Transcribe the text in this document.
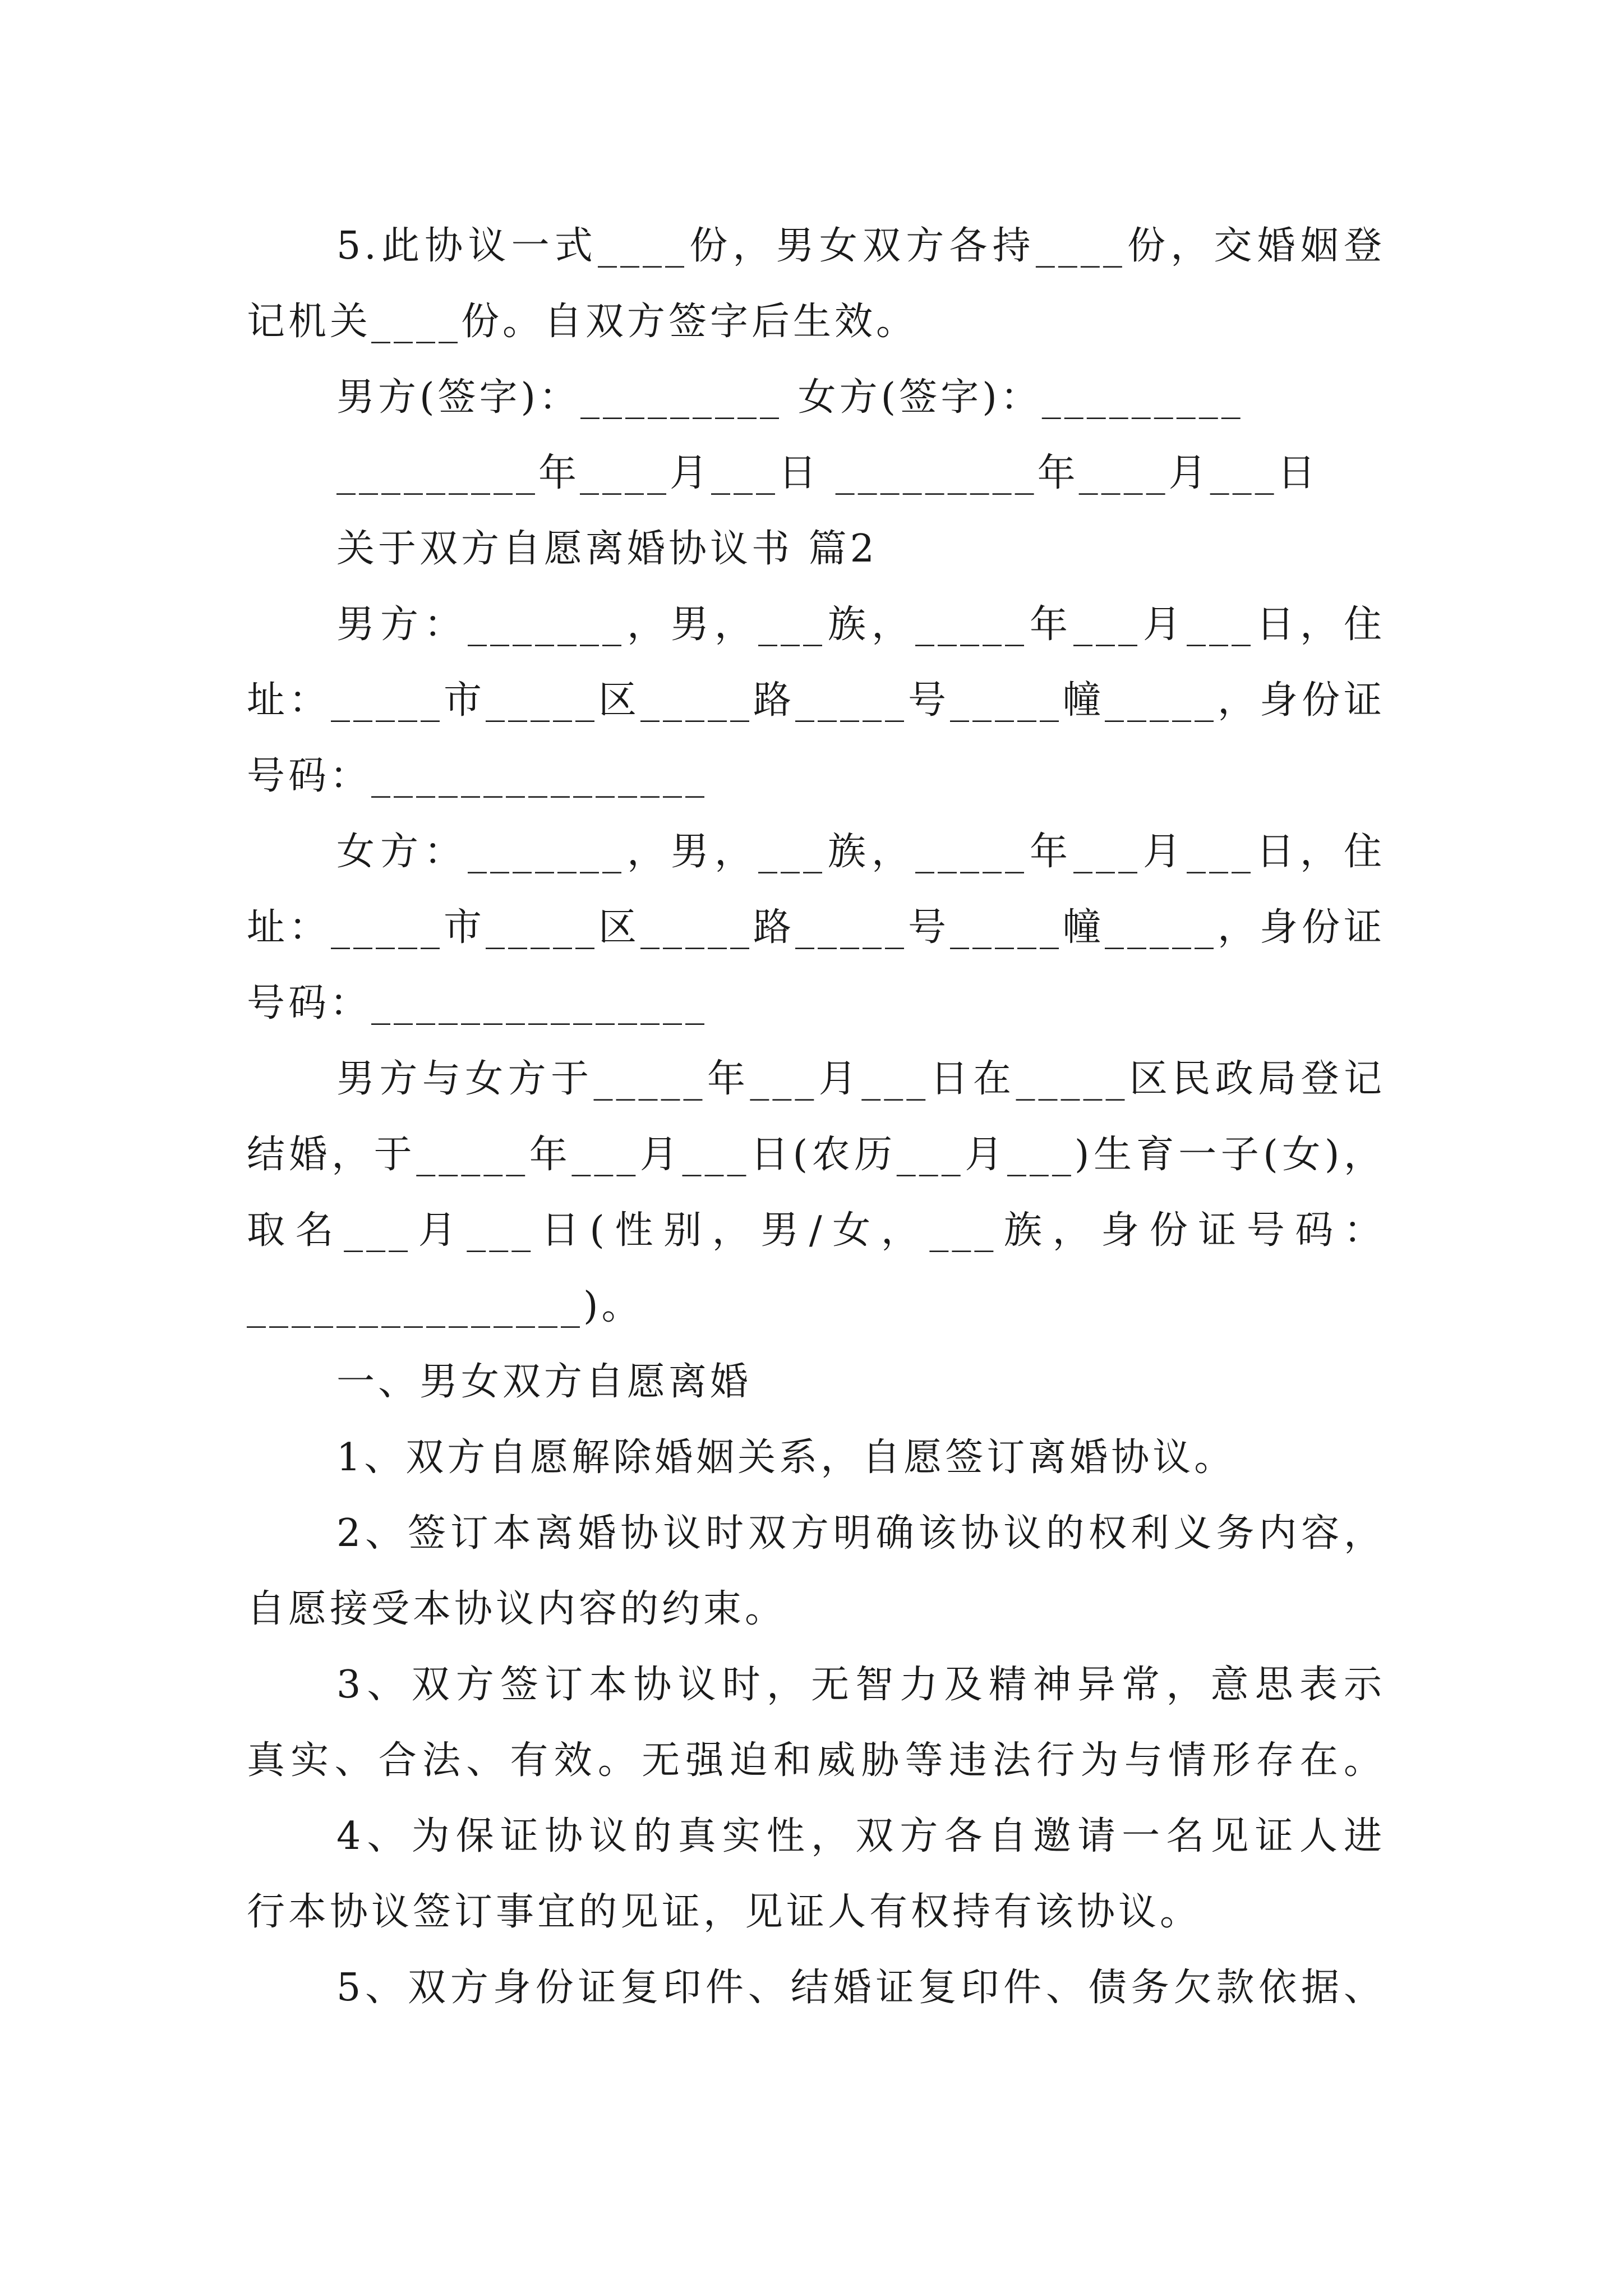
5.此协议一式____份，男女双方各持____份，交婚姻登
记机关____份。自双方签字后生效。
男方(签字)：_________ 女方(签字)：_________
_________年____月___日 _________年____月___日
关于双方自愿离婚协议书 篇2
男方：_______，男，___族，_____年___月___日，住
址：_____市_____区_____路_____号_____幢_____，身份证
号码：_______________
女方：_______，男，___族，_____年___月___日，住
址：_____市_____区_____路_____号_____幢_____，身份证
号码：_______________
男方与女方于_____年___月___日在_____区民政局登记
结婚，于_____年___月___日(农历___月___)生育一子(女)，
取名___月___日(性别，男/女，___族，身份证号码：
_______________)。
一、男女双方自愿离婚
1、双方自愿解除婚姻关系，自愿签订离婚协议。
2、签订本离婚协议时双方明确该协议的权利义务内容，
自愿接受本协议内容的约束。
3、双方签订本协议时，无智力及精神异常，意思表示
真实、合法、有效。无强迫和威胁等违法行为与情形存在。
4、为保证协议的真实性，双方各自邀请一名见证人进
行本协议签订事宜的见证，见证人有权持有该协议。
5、双方身份证复印件、结婚证复印件、债务欠款依据、
